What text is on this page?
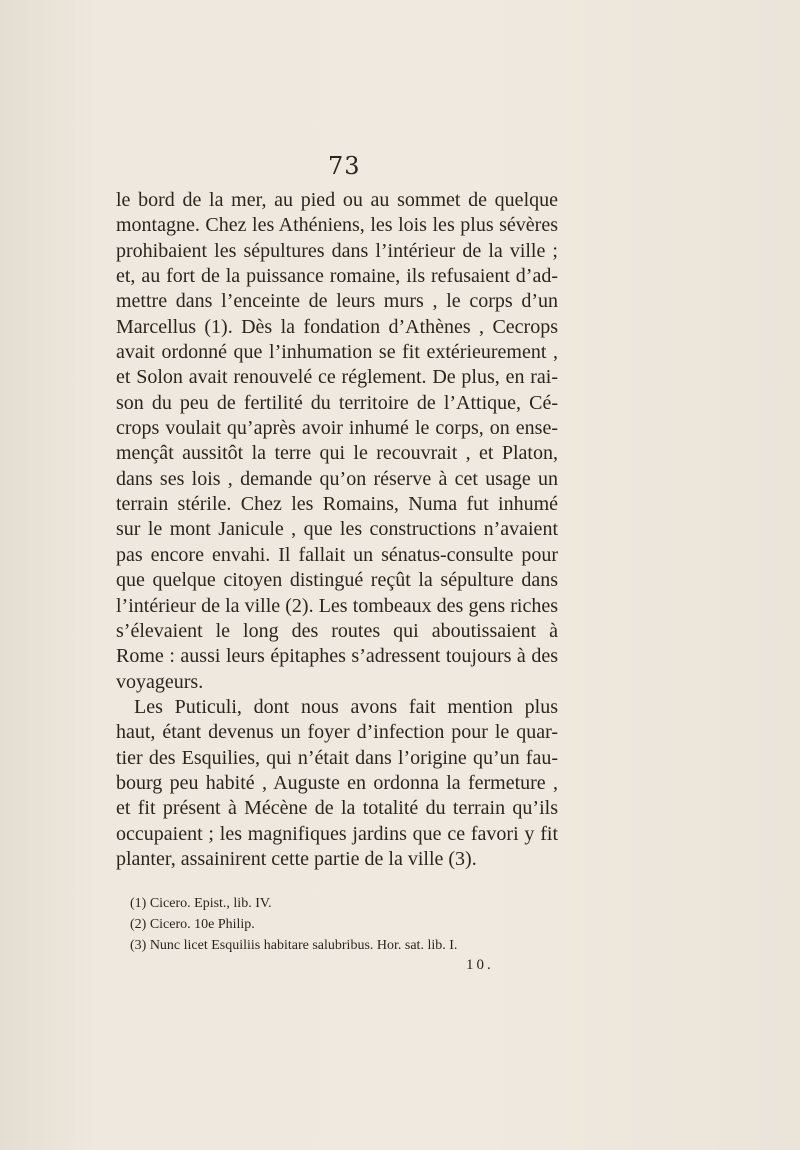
73
le bord de la mer, au pied ou au sommet de quelque
montagne. Chez les Athéniens, les lois les plus sévères
prohibaient les sépultures dans l’intérieur de la ville ;
et, au fort de la puissance romaine, ils refusaient d’ad-
mettre dans l’enceinte de leurs murs , le corps d’un
Marcellus (1). Dès la fondation d’Athènes , Cecrops
avait ordonné que l’inhumation se fit extérieurement ,
et Solon avait renouvelé ce réglement. De plus, en rai-
son du peu de fertilité du territoire de l’Attique, Cé-
crops voulait qu’après avoir inhumé le corps, on ense-
mençât aussitôt la terre qui le recouvrait , et Platon,
dans ses lois , demande qu’on réserve à cet usage un
terrain stérile. Chez les Romains, Numa fut inhumé
sur le mont Janicule , que les constructions n’avaient
pas encore envahi. Il fallait un sénatus-consulte pour
que quelque citoyen distingué reçût la sépulture dans
l’intérieur de la ville (2). Les tombeaux des gens riches
s’élevaient le long des routes qui aboutissaient à
Rome : aussi leurs épitaphes s’adressent toujours à des
voyageurs.
Les Puticuli, dont nous avons fait mention plus
haut, étant devenus un foyer d’infection pour le quar-
tier des Esquilies, qui n’était dans l’origine qu’un fau-
bourg peu habité , Auguste en ordonna la fermeture ,
et fit présent à Mécène de la totalité du terrain qu’ils
occupaient ; les magnifiques jardins que ce favori y fit
planter, assainirent cette partie de la ville (3).
(1) Cicero. Epist., lib. IV.
(2) Cicero. 10e Philip.
(3) Nunc licet Esquiliis habitare salubribus. Hor. sat. lib. I.
10.
